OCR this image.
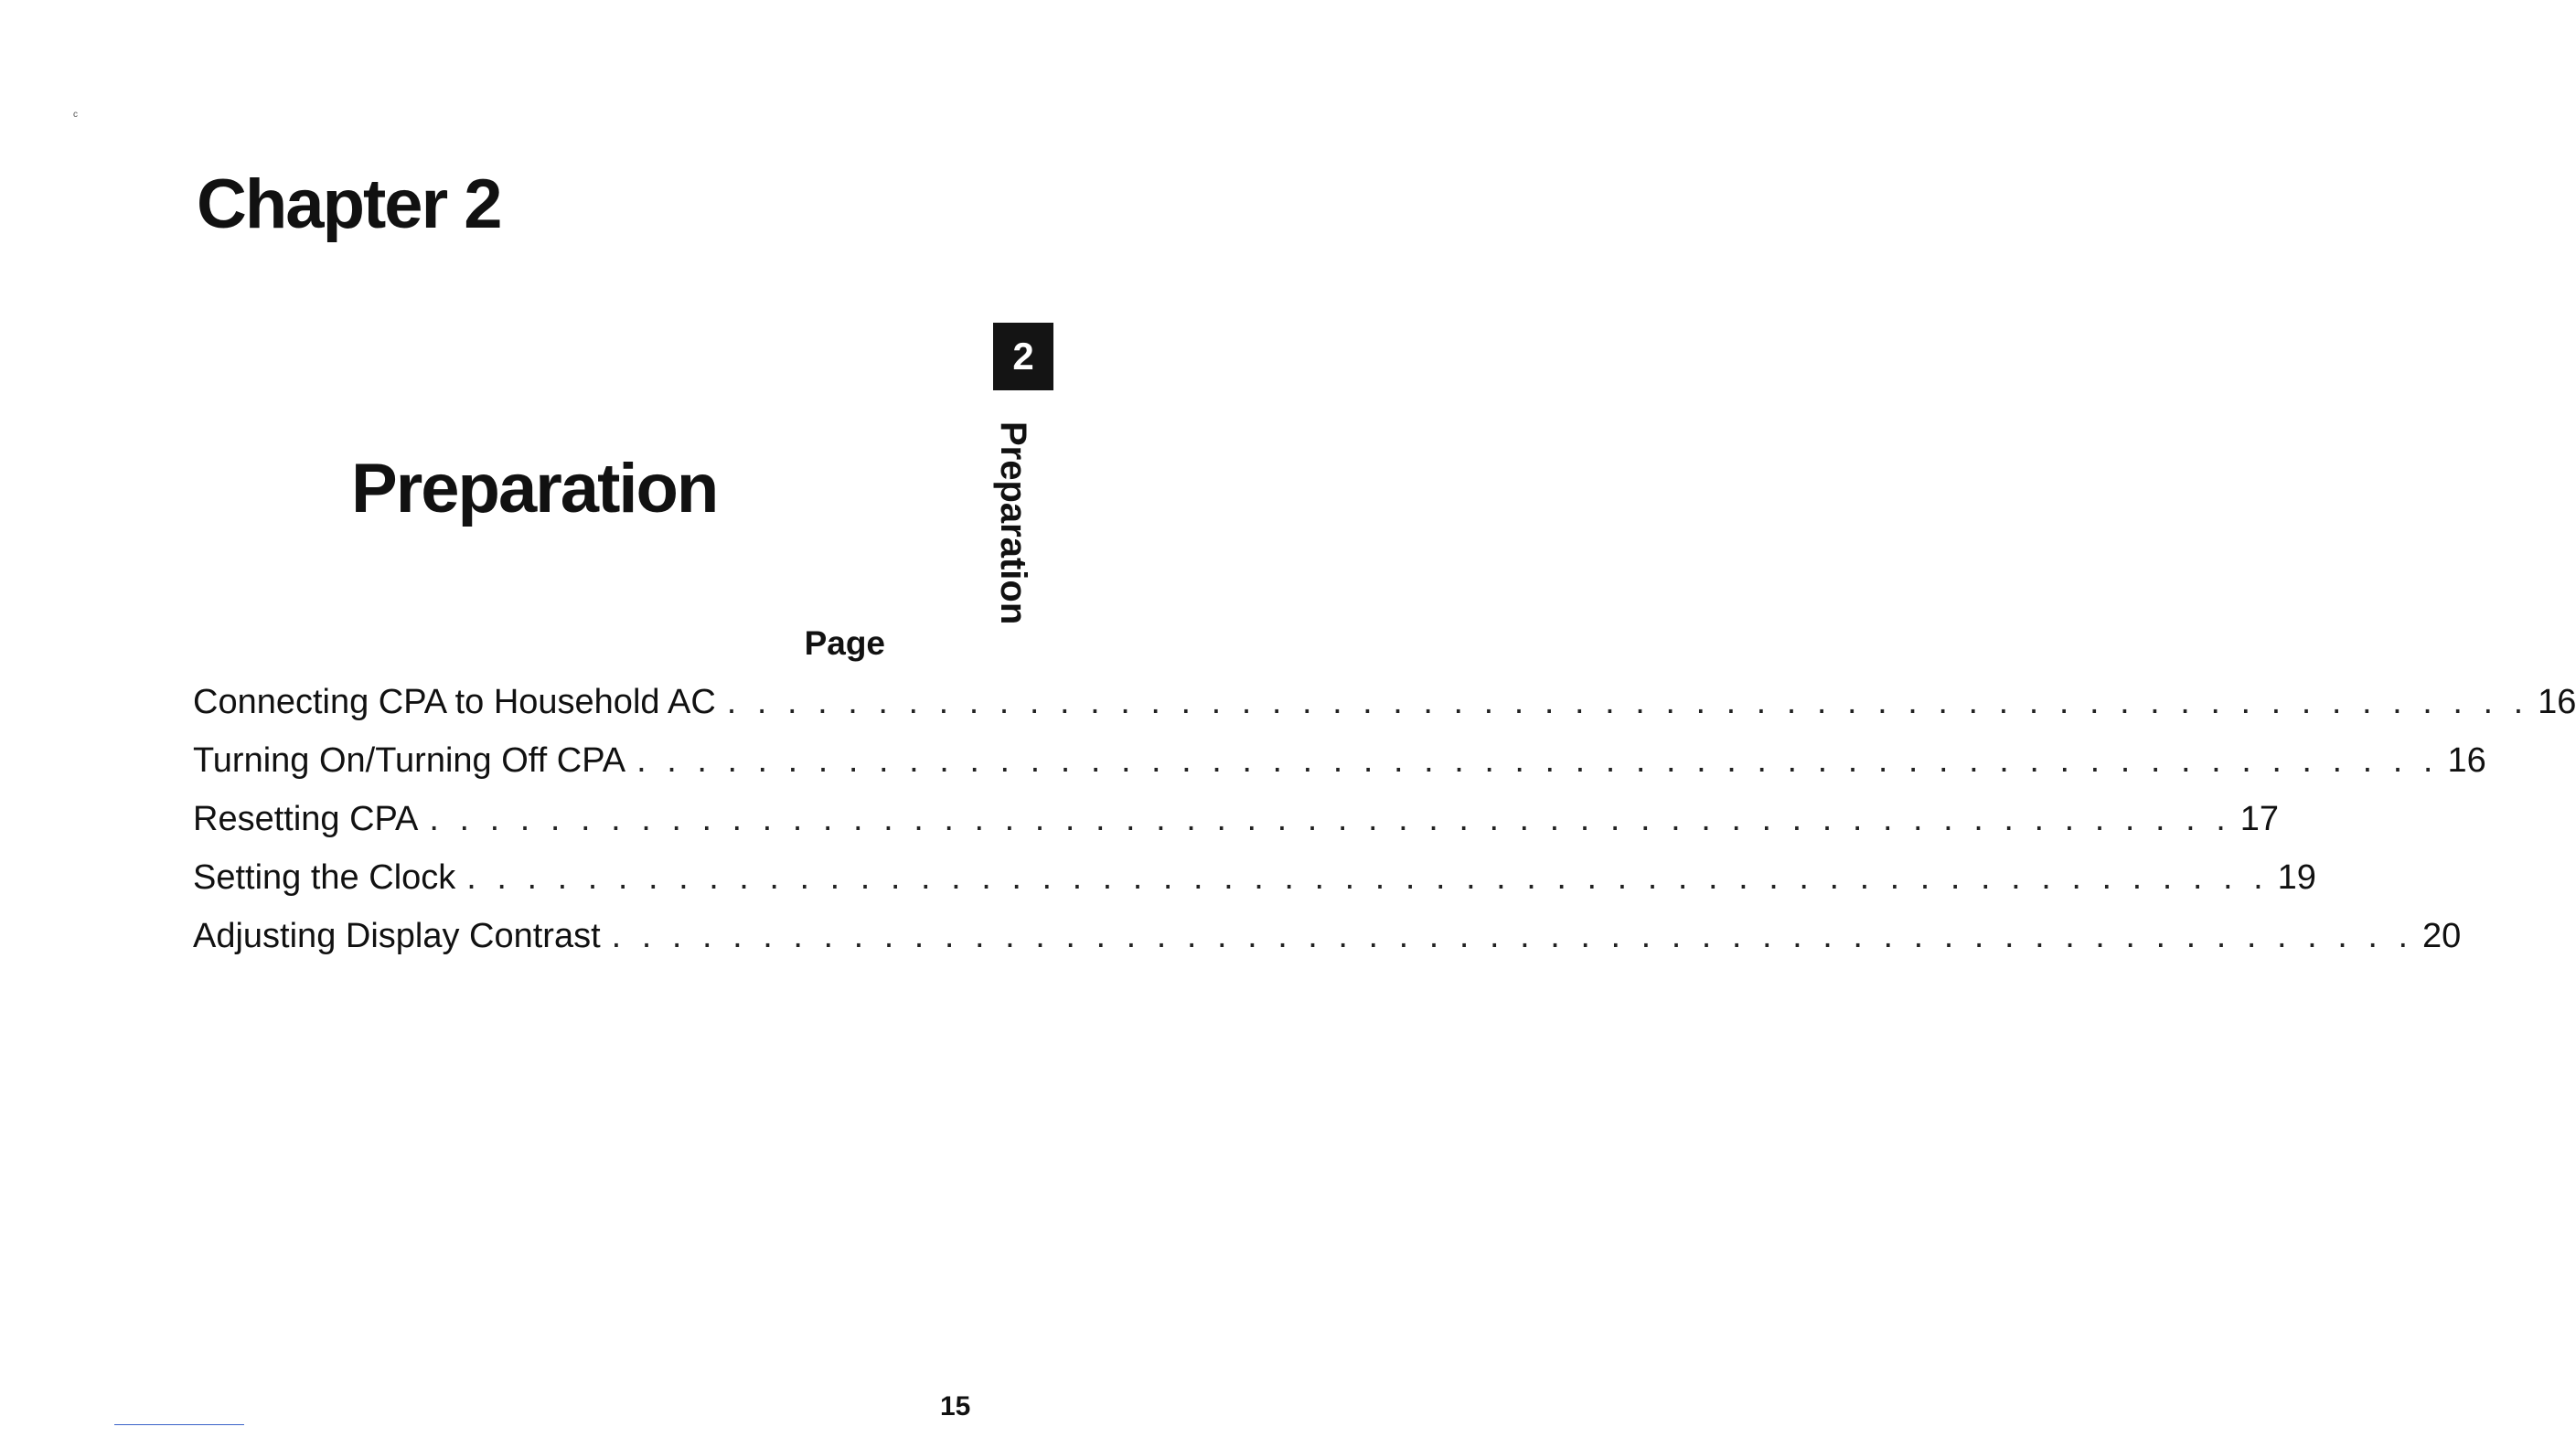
c
Chapter 2
Preparation
2
Preparation
Page
Connecting CPA to Household AC . . . . . . . . . . . . . . . . . . . . . . . . . . . . . . . . . . . . . . . . . . . . . . . . . . . . . . . . . . . . 16
Turning On/Turning Off CPA . . . . . . . . . . . . . . . . . . . . . . . . . . . . . . . . . . . . . . . . . . . . . . . . . . . . . . . . . . . . 16
Resetting CPA . . . . . . . . . . . . . . . . . . . . . . . . . . . . . . . . . . . . . . . . . . . . . . . . . . . . . . . . . . . . 17
Setting the Clock . . . . . . . . . . . . . . . . . . . . . . . . . . . . . . . . . . . . . . . . . . . . . . . . . . . . . . . . . . . . 19
Adjusting Display Contrast . . . . . . . . . . . . . . . . . . . . . . . . . . . . . . . . . . . . . . . . . . . . . . . . . . . . . . . . . . . . 20
15
